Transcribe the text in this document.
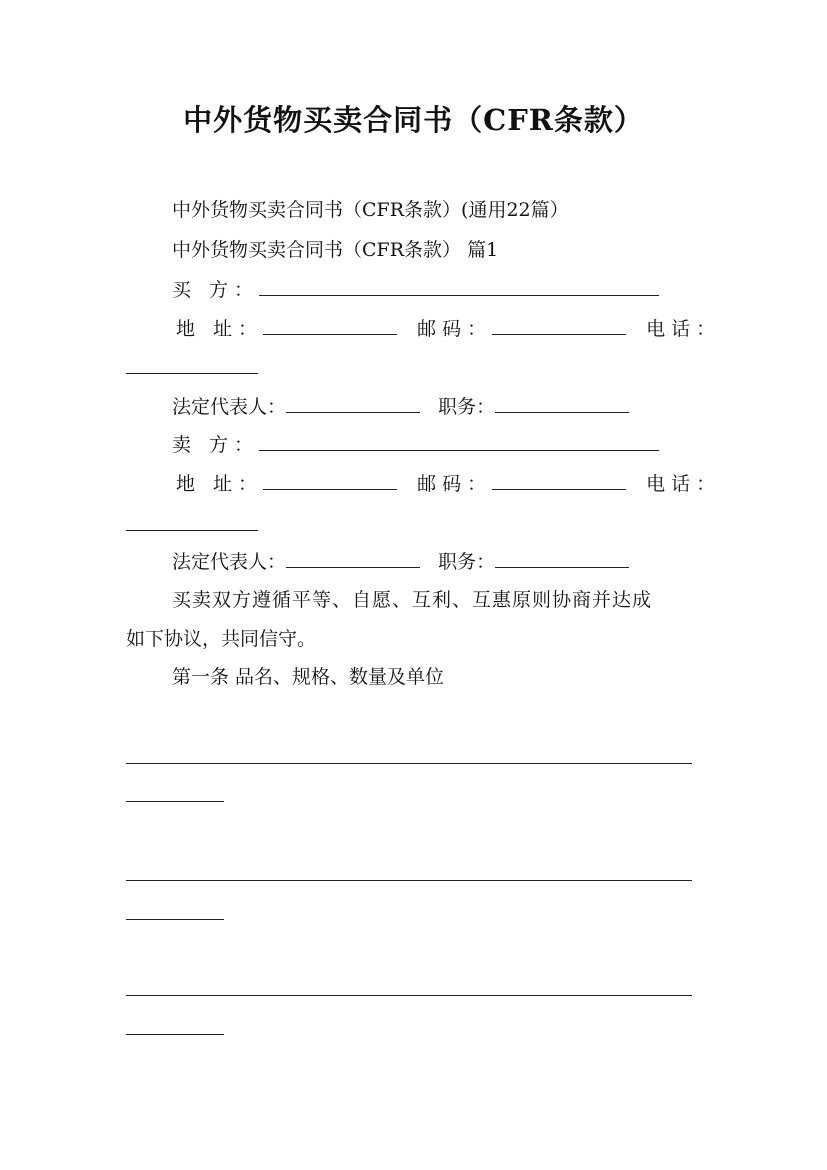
中外货物买卖合同书（CFR条款）
中外货物买卖合同书（CFR条款）(通用22篇）
中外货物买卖合同书（CFR条款） 篇1
买 方：
地 址：	邮码：	电话：
法定代表人：	职务：
卖 方：
地 址：	邮码：	电话：
法定代表人：	职务：
买卖双方遵循平等、自愿、互利、互惠原则协商并达成
如下协议，共同信守。
第一条 品名、规格、数量及单位
